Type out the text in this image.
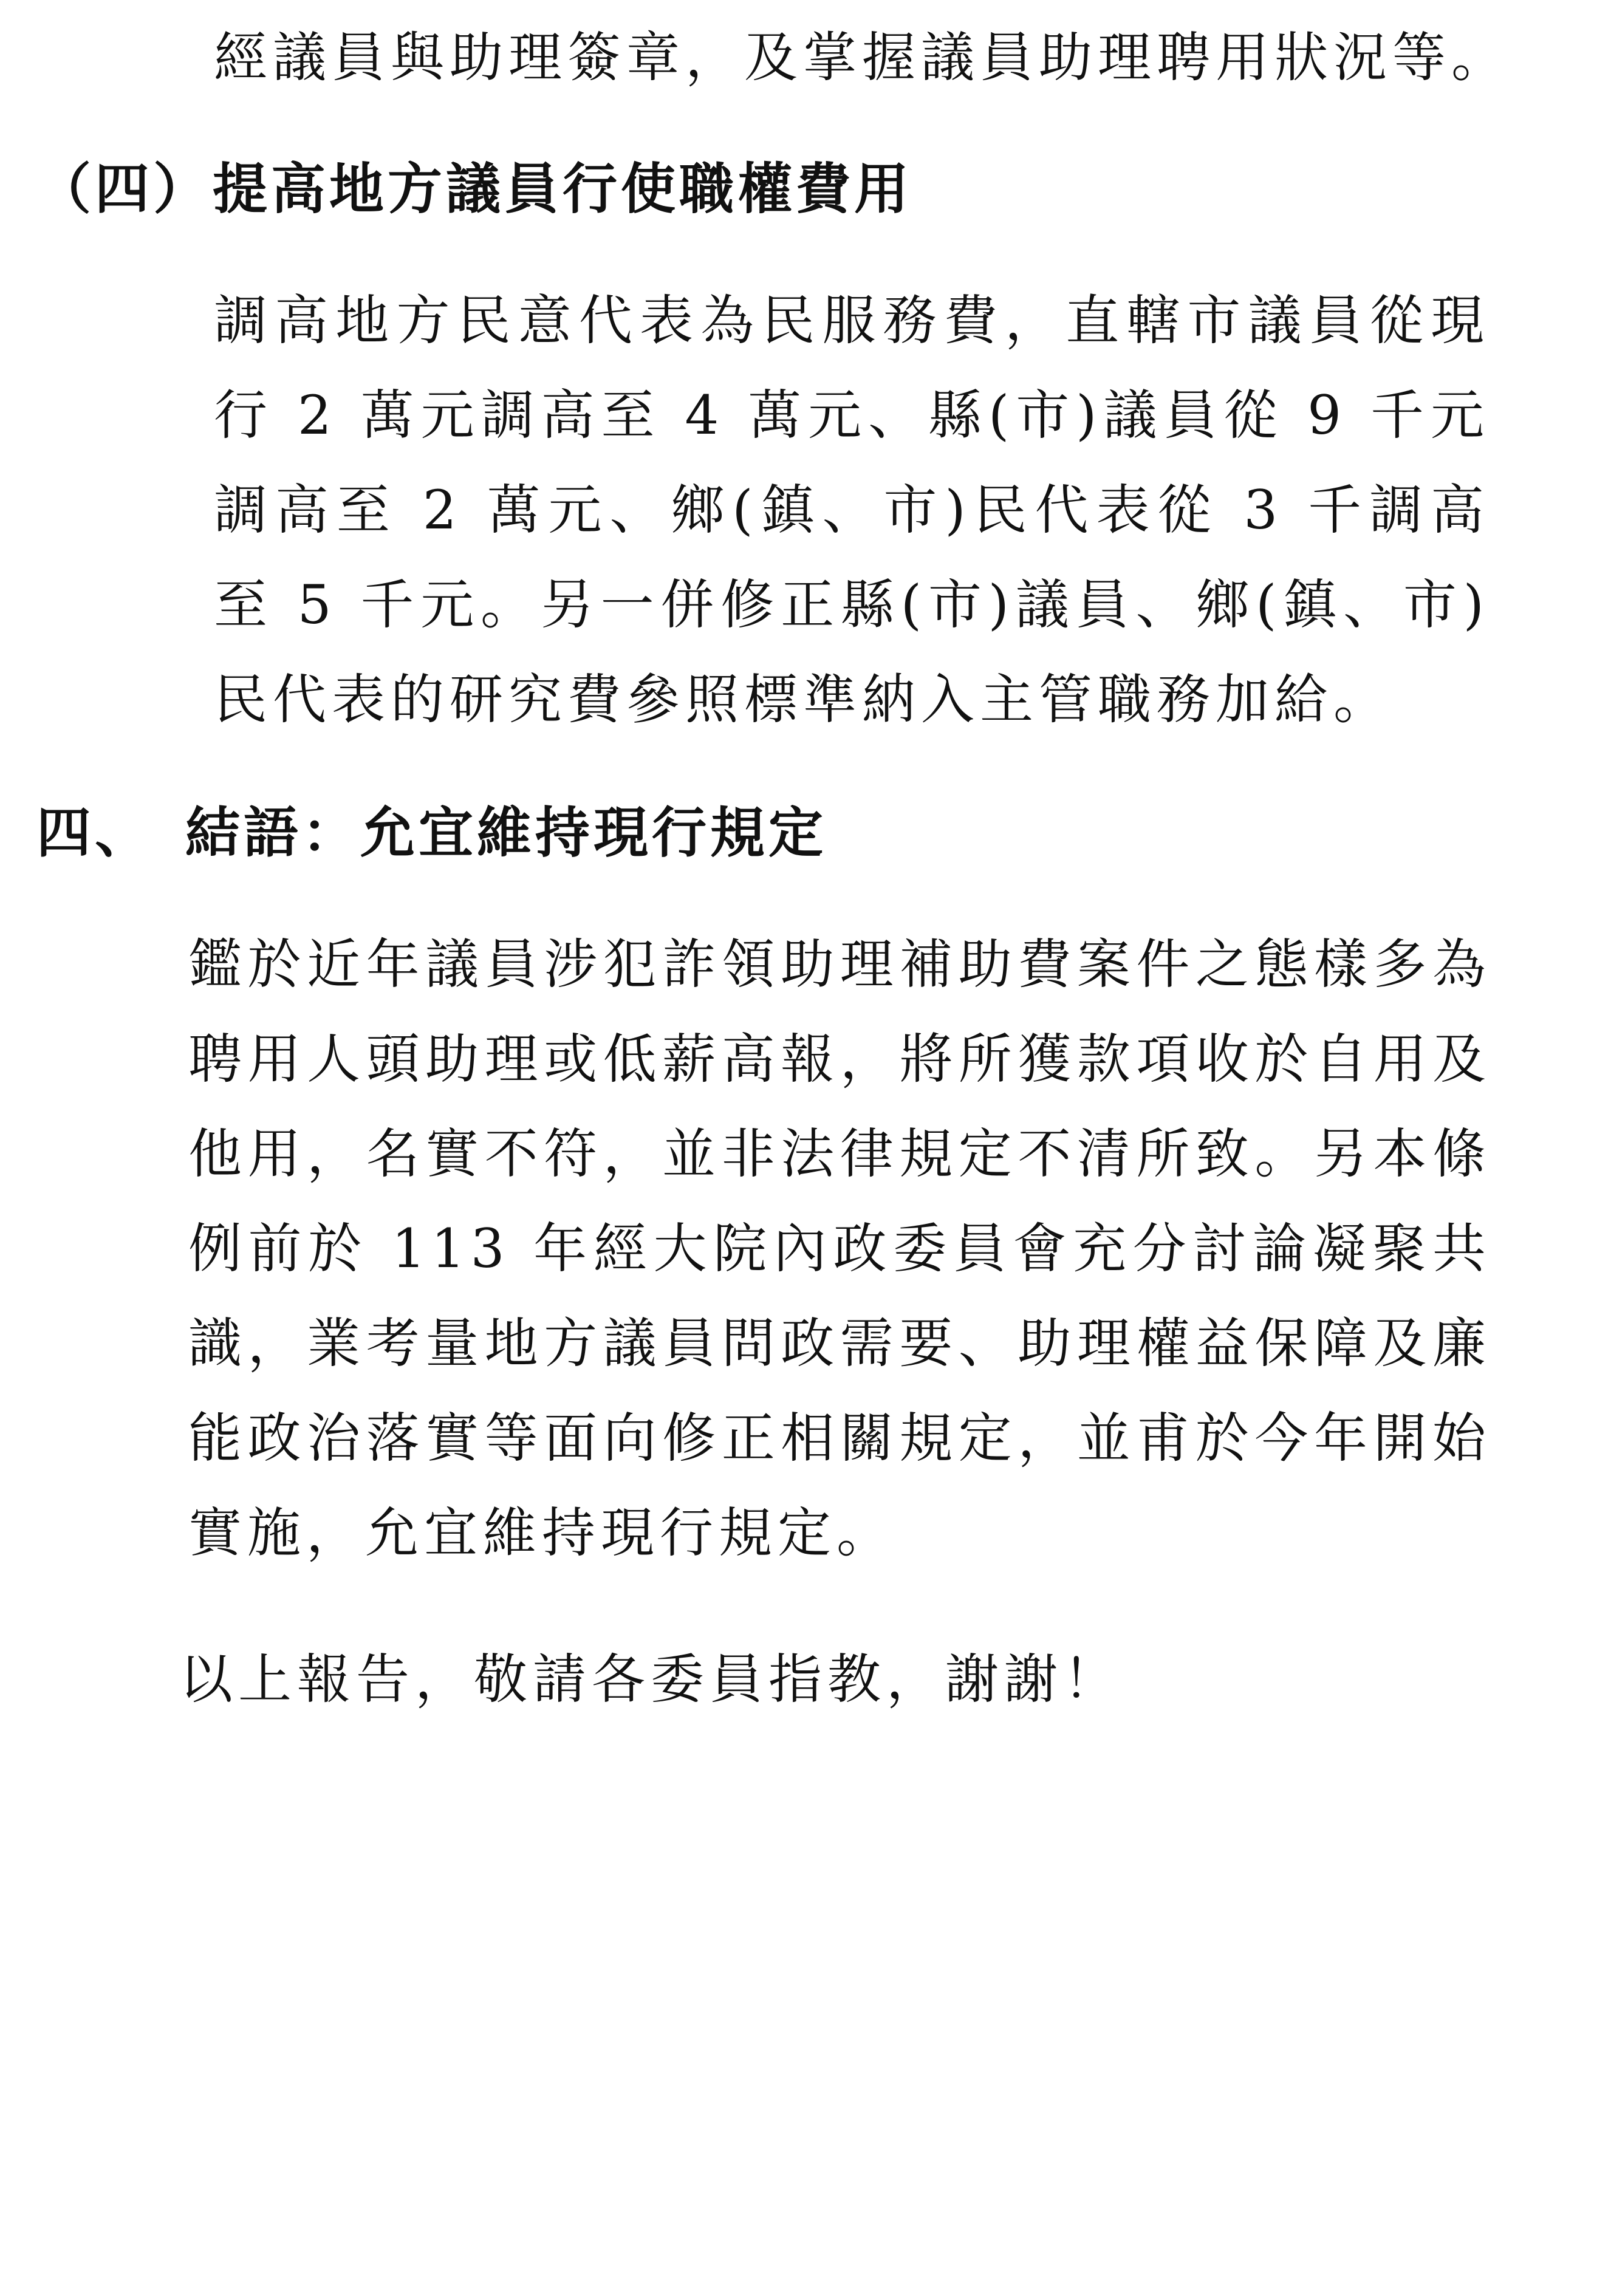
經議員與助理簽章，及掌握議員助理聘用狀況等。
（四） 提高地方議員行使職權費用
調高地方民意代表為民服務費，直轄市議員從現行 2 萬元調高至 4 萬元、縣(市)議員從 9 千元調高至 2 萬元、鄉(鎮、市)民代表從 3 千調高至 5 千元。另一併修正縣(市)議員、鄉(鎮、市)民代表的研究費參照標準納入主管職務加給。
四、 結語：允宜維持現行規定
鑑於近年議員涉犯詐領助理補助費案件之態樣多為聘用人頭助理或低薪高報，將所獲款項收於自用及他用，名實不符，並非法律規定不清所致。另本條例前於 113 年經大院內政委員會充分討論凝聚共識，業考量地方議員問政需要、助理權益保障及廉能政治落實等面向修正相關規定，並甫於今年開始實施，允宜維持現行規定。
以上報告，敬請各委員指教，謝謝！
